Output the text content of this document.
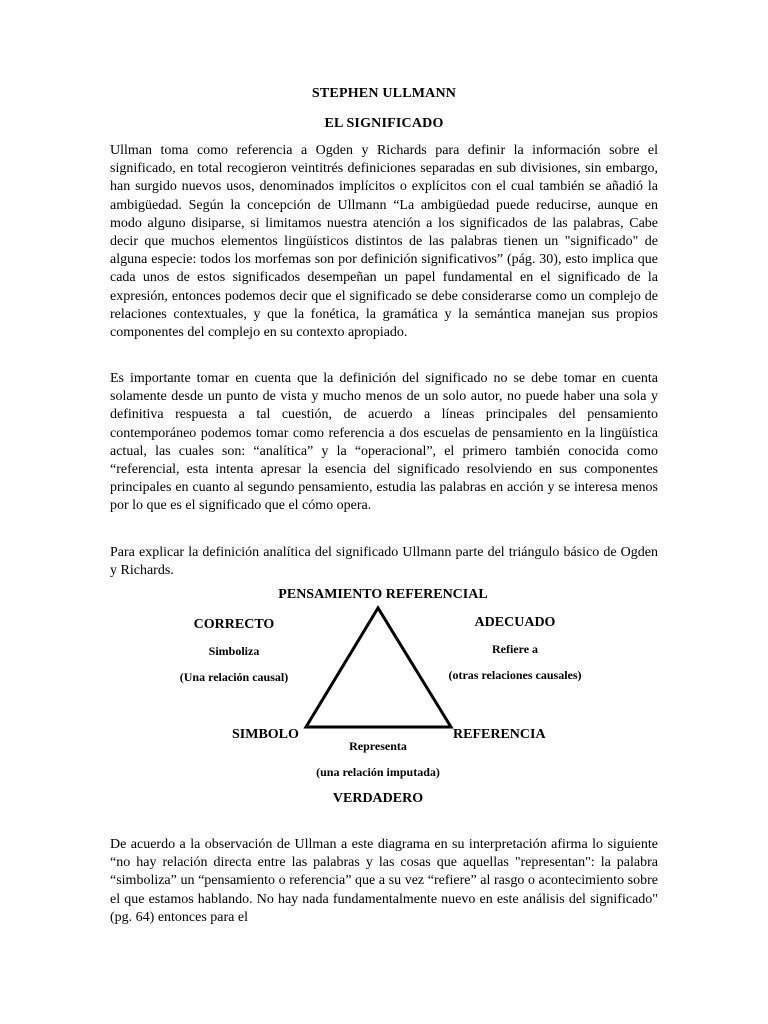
STEPHEN ULLMANN
EL SIGNIFICADO

Ullman toma como referencia a Ogden y Richards para definir la información sobre el significado, en total recogieron veintitrés definiciones separadas en sub divisiones, sin embargo, han surgido nuevos usos, denominados implícitos o explícitos con el cual también se añadió la ambigüedad. Según la concepción de Ullmann “La ambigüedad puede reducirse, aunque en modo alguno disiparse, si limitamos nuestra atención a los significados de las palabras, Cabe decir que muchos elementos lingüísticos distintos de las palabras tienen un "significado" de alguna especie: todos los morfemas son por definición significativos” (pág. 30), esto implica que cada unos de estos significados desempeñan un papel fundamental en el significado de la expresión, entonces podemos decir que el significado se debe considerarse como un complejo de relaciones contextuales, y que la fonética, la gramática y la semántica manejan sus propios componentes del complejo en su contexto apropiado.

Es importante tomar en cuenta que la definición del significado no se debe tomar en cuenta solamente desde un punto de vista y mucho menos de un solo autor, no puede haber una sola y definitiva respuesta a tal cuestión, de acuerdo a líneas principales del pensamiento contemporáneo podemos tomar como referencia a dos escuelas de pensamiento en la lingüística actual, las cuales son: “analítica” y la “operacional”, el primero también conocida como “referencial, esta intenta apresar la esencia del significado resolviendo en sus componentes principales en cuanto al segundo pensamiento, estudia las palabras en acción y se interesa menos por lo que es el significado que el cómo opera.

Para explicar la definición analítica del significado Ullmann parte del triángulo básico de Ogden y Richards.

PENSAMIENTO REFERENCIAL
CORRECTO
Simboliza
(Una relación causal)
ADECUADO
Refiere a
(otras relaciones causales)
SIMBOLO	REFERENCIA
Representa
(una relación imputada)
VERDADERO

De acuerdo a la observación de Ullman a este diagrama en su interpretación afirma lo siguiente “no hay relación directa entre las palabras y las cosas que aquellas "representan": la palabra “simboliza” un “pensamiento o referencia” que a su vez “refiere” al rasgo o acontecimiento sobre el que estamos hablando. No hay nada fundamentalmente nuevo en este análisis del significado" (pg. 64) entonces para el
